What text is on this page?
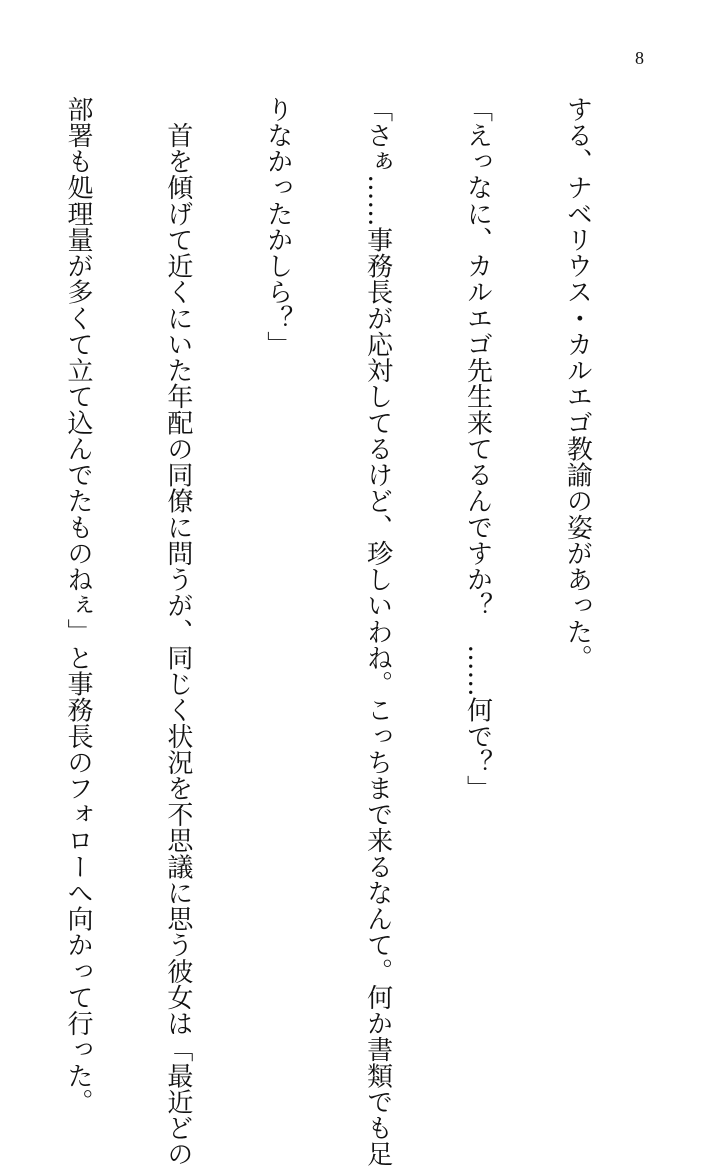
8

する、ナベリウス・カルエゴ教諭の姿があった。

「えっなに、カルエゴ先生来てるんですか？　……何で？」

「さぁ……事務長が応対してるけど、珍しいわね。こっちまで来るなんて。何か書類でも足

りなかったかしら？」

　首を傾げて近くにいた年配の同僚に問うが、同じく状況を不思議に思う彼女は「最近どの

部署も処理量が多くて立て込んでたものねぇ」と事務長のフォローへ向かって行った。
